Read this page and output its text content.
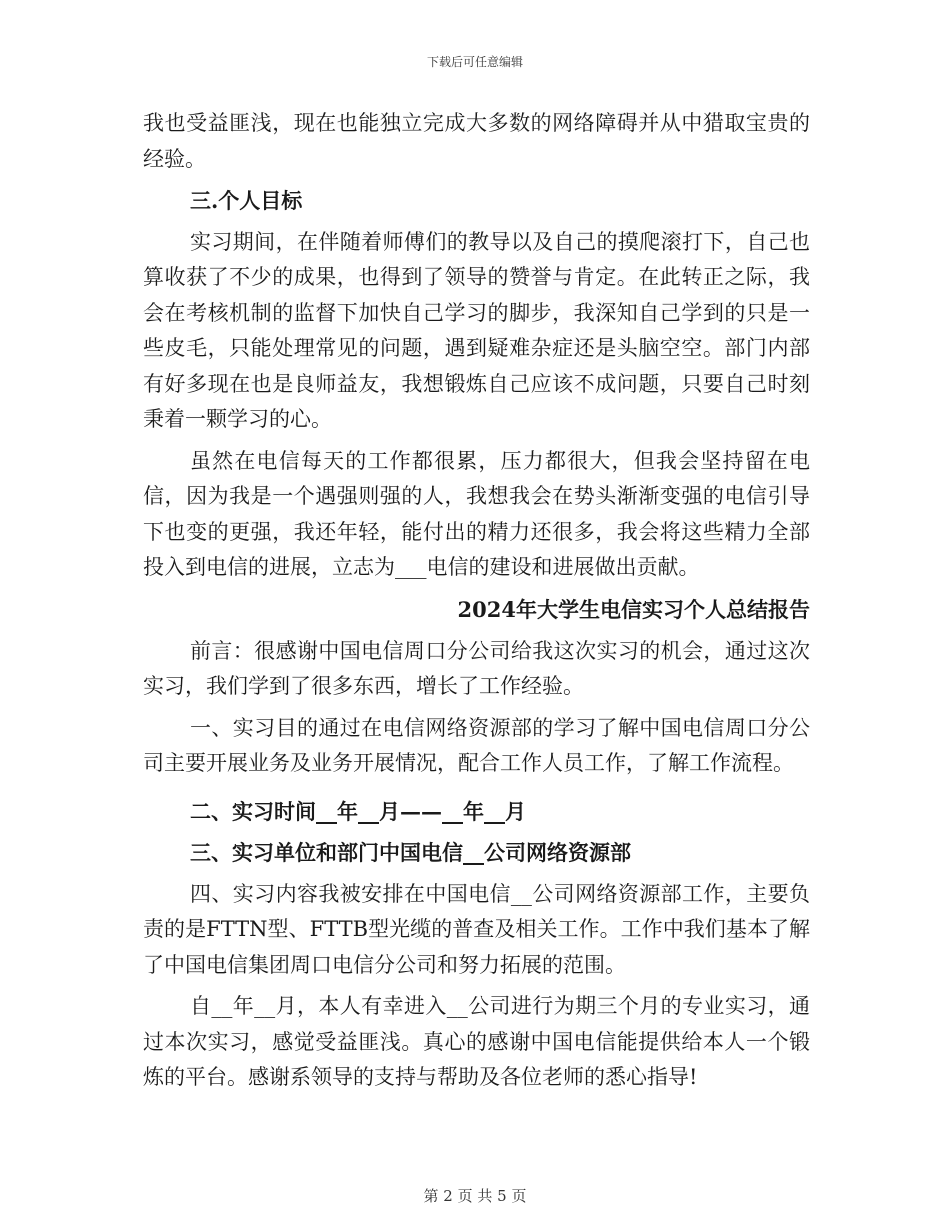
下载后可任意编辑

我也受益匪浅，现在也能独立完成大多数的网络障碍并从中猎取宝贵的经验。

三.个人目标

实习期间，在伴随着师傅们的教导以及自己的摸爬滚打下，自己也算收获了不少的成果，也得到了领导的赞誉与肯定。在此转正之际，我会在考核机制的监督下加快自己学习的脚步，我深知自己学到的只是一些皮毛，只能处理常见的问题，遇到疑难杂症还是头脑空空。部门内部有好多现在也是良师益友，我想锻炼自己应该不成问题，只要自己时刻秉着一颗学习的心。

虽然在电信每天的工作都很累，压力都很大，但我会坚持留在电信，因为我是一个遇强则强的人，我想我会在势头渐渐变强的电信引导下也变的更强，我还年轻，能付出的精力还很多，我会将这些精力全部投入到电信的进展，立志为___电信的建设和进展做出贡献。

2024年大学生电信实习个人总结报告

前言：很感谢中国电信周口分公司给我这次实习的机会，通过这次实习，我们学到了很多东西，增长了工作经验。

一、实习目的通过在电信网络资源部的学习了解中国电信周口分公司主要开展业务及业务开展情况，配合工作人员工作，了解工作流程。

二、实习时间__年__月——__年__月

三、实习单位和部门中国电信__公司网络资源部

四、实习内容我被安排在中国电信__公司网络资源部工作，主要负责的是FTTN型、FTTB型光缆的普查及相关工作。工作中我们基本了解了中国电信集团周口电信分公司和努力拓展的范围。

自__年__月，本人有幸进入__公司进行为期三个月的专业实习，通过本次实习，感觉受益匪浅。真心的感谢中国电信能提供给本人一个锻炼的平台。感谢系领导的支持与帮助及各位老师的悉心指导!

第 2 页 共 5 页
